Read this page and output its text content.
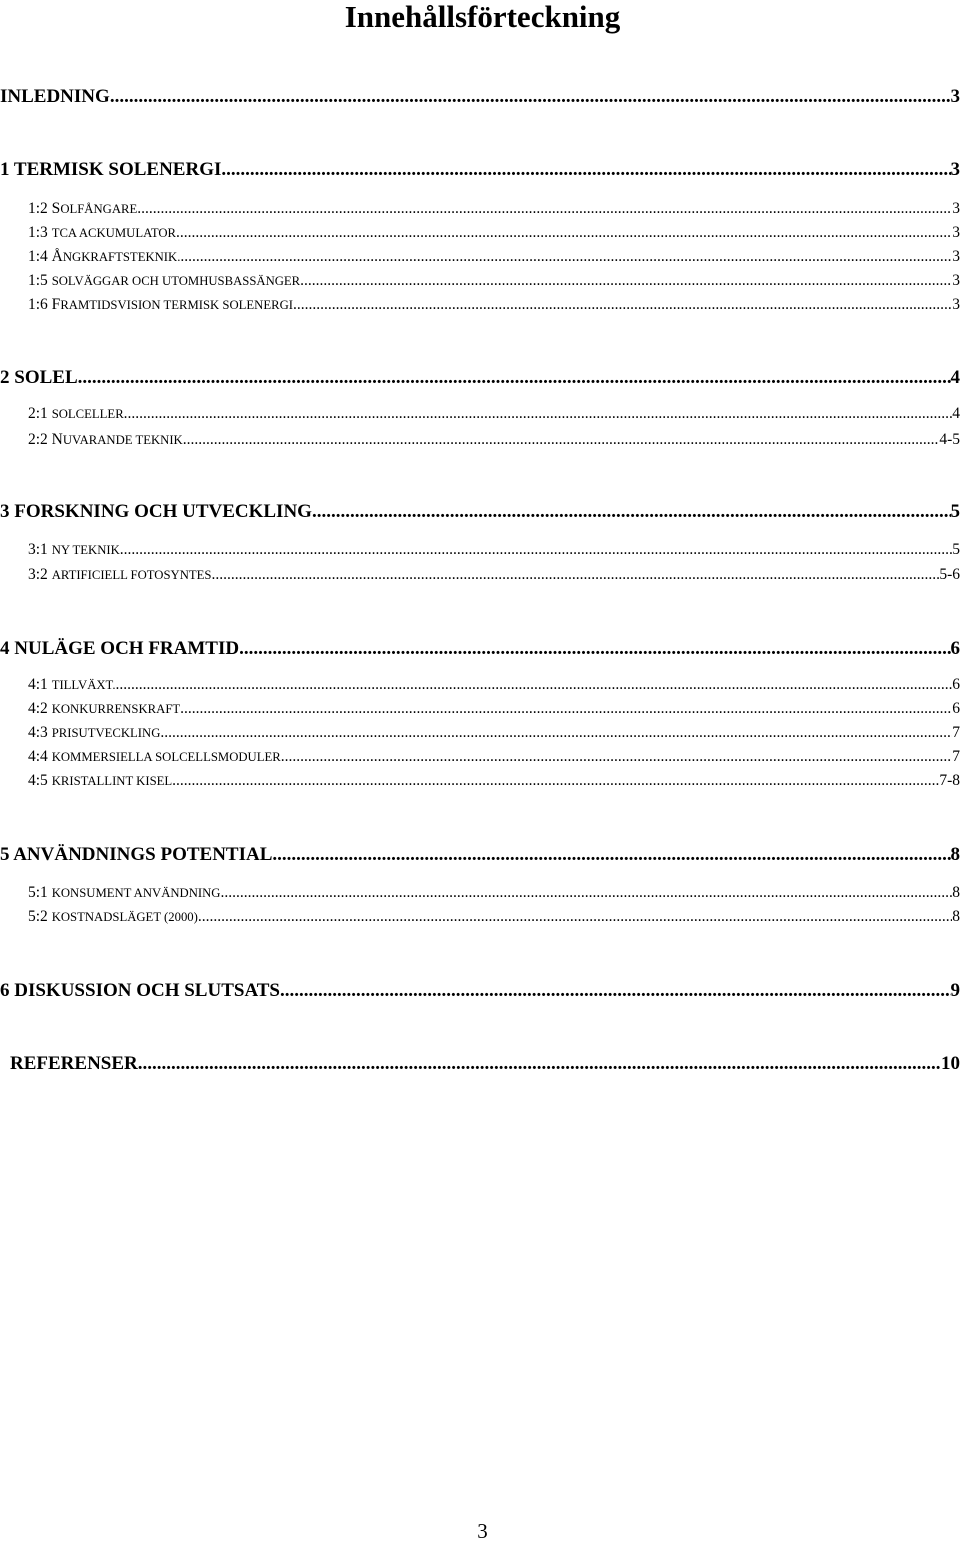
Innehållsförteckning
INLEDNING .....	3
1 TERMISK SOLENERGI .....	3
1:2 SOLFÅNGARE .....	3
1:3 TCA ACKUMULATOR .....	3
1:4 ÅNGKRAFTSTEKNIK. .....	3
1:5 SOLVÄGGAR OCH UTOMHUSBASSÄNGER .....	3
1:6 FRAMTIDSVISION TERMISK SOLENERGI .....	3
2 SOLEL .....	4
2:1 SOLCELLER .....	4
2:2 NUVARANDE TEKNIK .....	4-5
3 FORSKNING OCH UTVECKLING .....	5
3:1 NY TEKNIK .....	5
3:2 ARTIFICIELL FOTOSYNTES .....	5-6
4 NULÄGE OCH FRAMTID .....	6
4:1 TILLVÄXT. .....	6
4:2 KONKURRENSKRAFT .....	6
4:3 PRISUTVECKLING .....	7
4:4 KOMMERSIELLA SOLCELLSMODULER .....	7
4:5 KRISTALLINT KISEL .....	7-8
5 ANVÄNDNINGS POTENTIAL .....	8
5:1 KONSUMENT ANVÄNDNING .....	8
5:2 KOSTNADSLÄGET (2000) .....	8
6 DISKUSSION OCH SLUTSATS .....	9
REFERENSER .....	10
3
